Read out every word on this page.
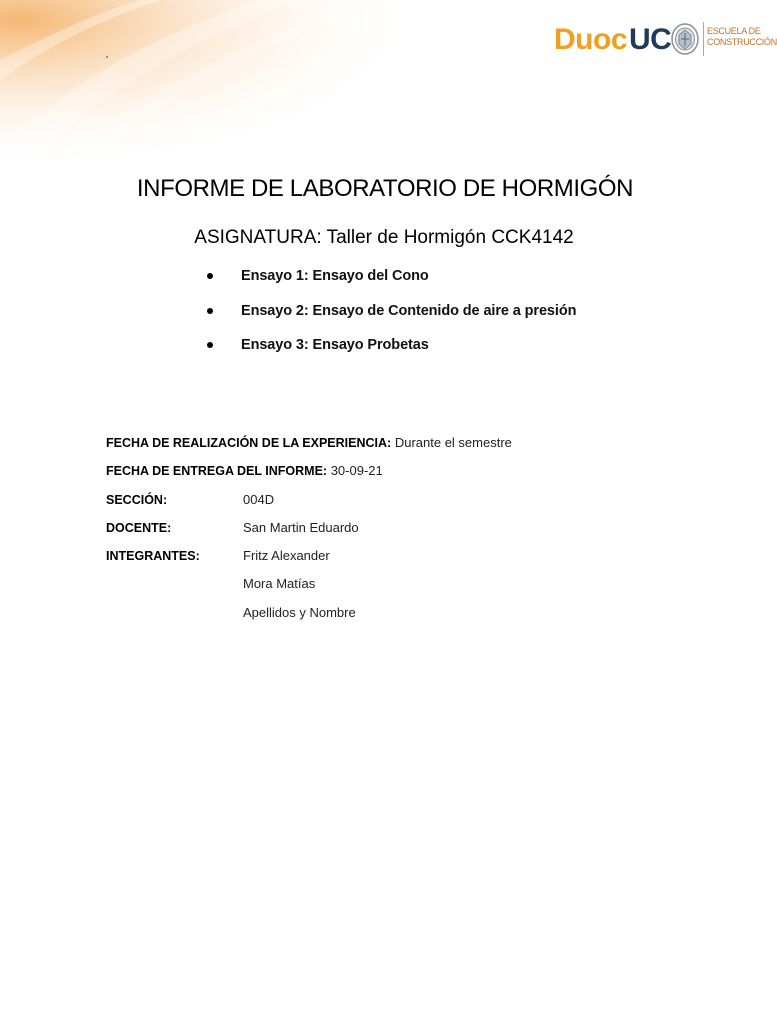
Duoc UC	ESCUELA DE
CONSTRUCCIÓN
INFORME DE LABORATORIO DE HORMIGÓN

ASIGNATURA: Taller de Hormigón CCK4142

Ensayo 1: Ensayo del Cono
Ensayo 2: Ensayo de Contenido de aire a presión
Ensayo 3: Ensayo Probetas
FECHA DE REALIZACIÓN DE LA EXPERIENCIA: Durante el semestre
FECHA DE ENTREGA DEL INFORME: 30-09-21
SECCIÓN:	004D
DOCENTE:	San Martin Eduardo
INTEGRANTES:	Fritz Alexander
Mora Matías
Apellidos y Nombre
